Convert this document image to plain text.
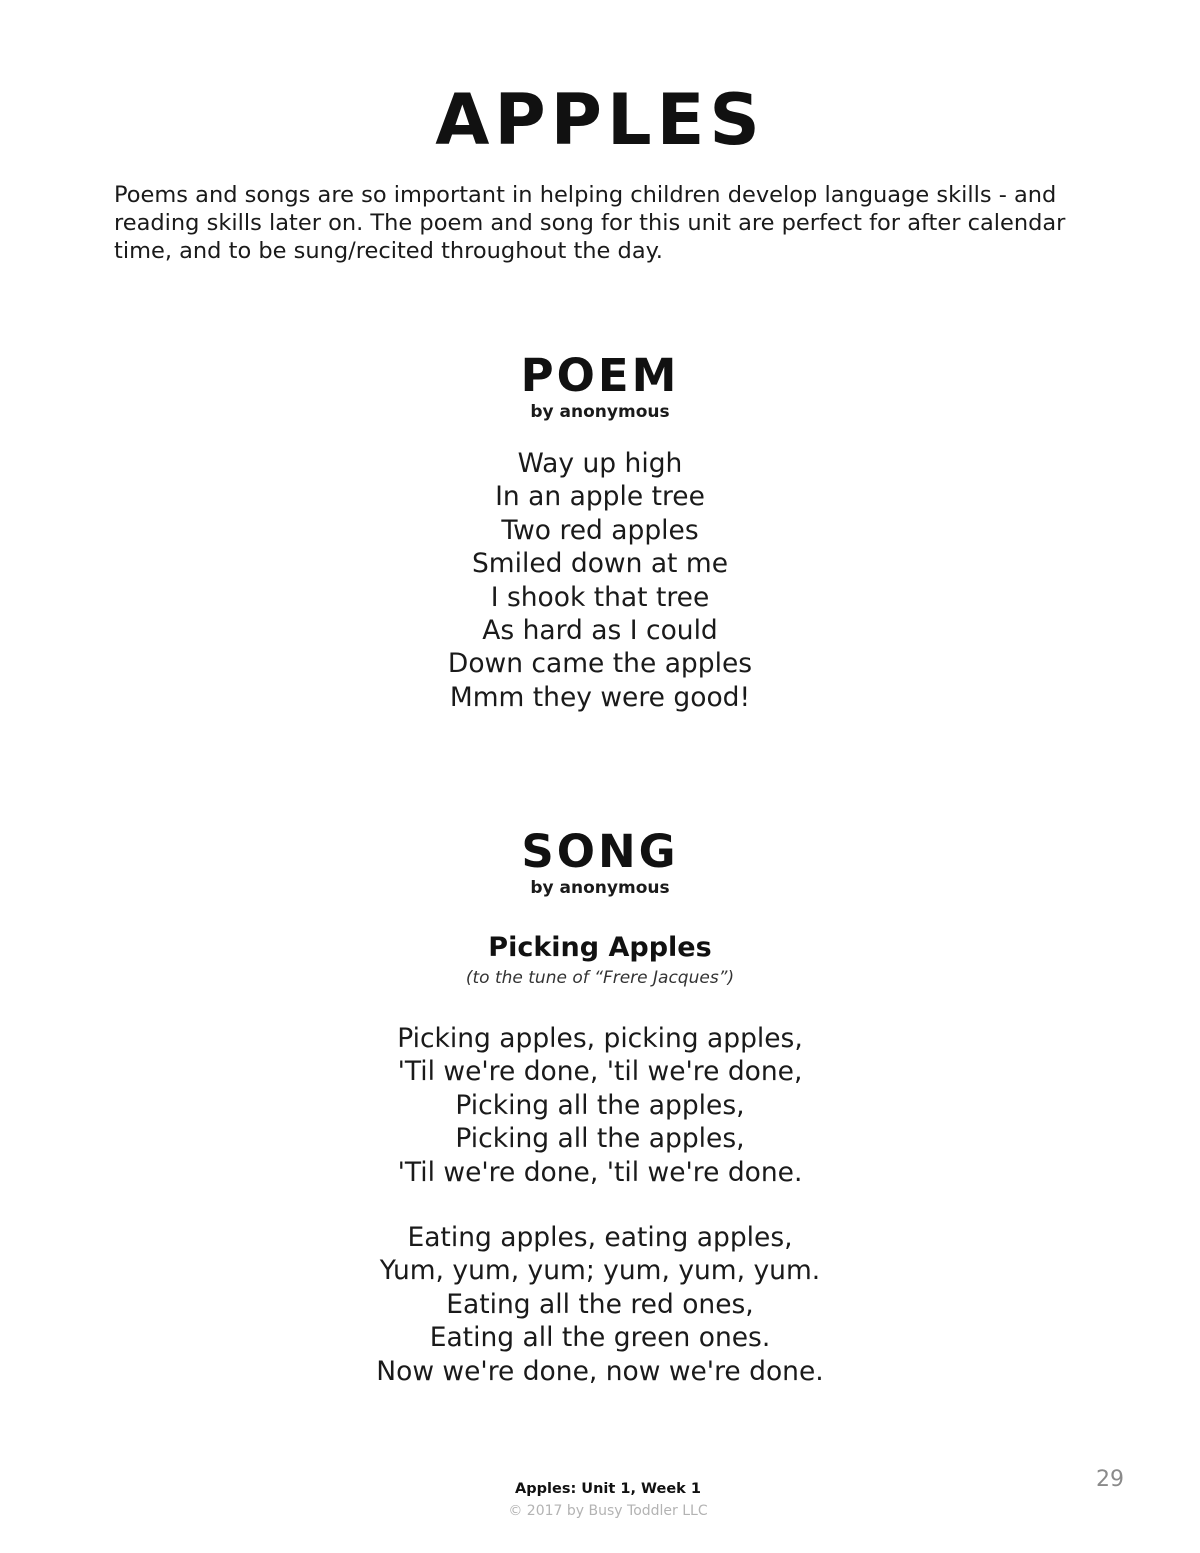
APPLES

Poems and songs are so important in helping children develop language skills - and reading skills later on. The poem and song for this unit are perfect for after calendar time, and to be sung/recited throughout the day.

POEM
by anonymous
Way up high
In an apple tree
Two red apples
Smiled down at me
I shook that tree
As hard as I could
Down came the apples
Mmm they were good!
SONG
by anonymous
Picking Apples
(to the tune of “Frere Jacques”)
Picking apples, picking apples,
'Til we're done, 'til we're done,
Picking all the apples,
Picking all the apples,
'Til we're done, 'til we're done.
Eating apples, eating apples,
Yum, yum, yum; yum, yum, yum.
Eating all the red ones,
Eating all the green ones.
Now we're done, now we're done.
Apples: Unit 1, Week 1
© 2017 by Busy Toddler LLC
29
